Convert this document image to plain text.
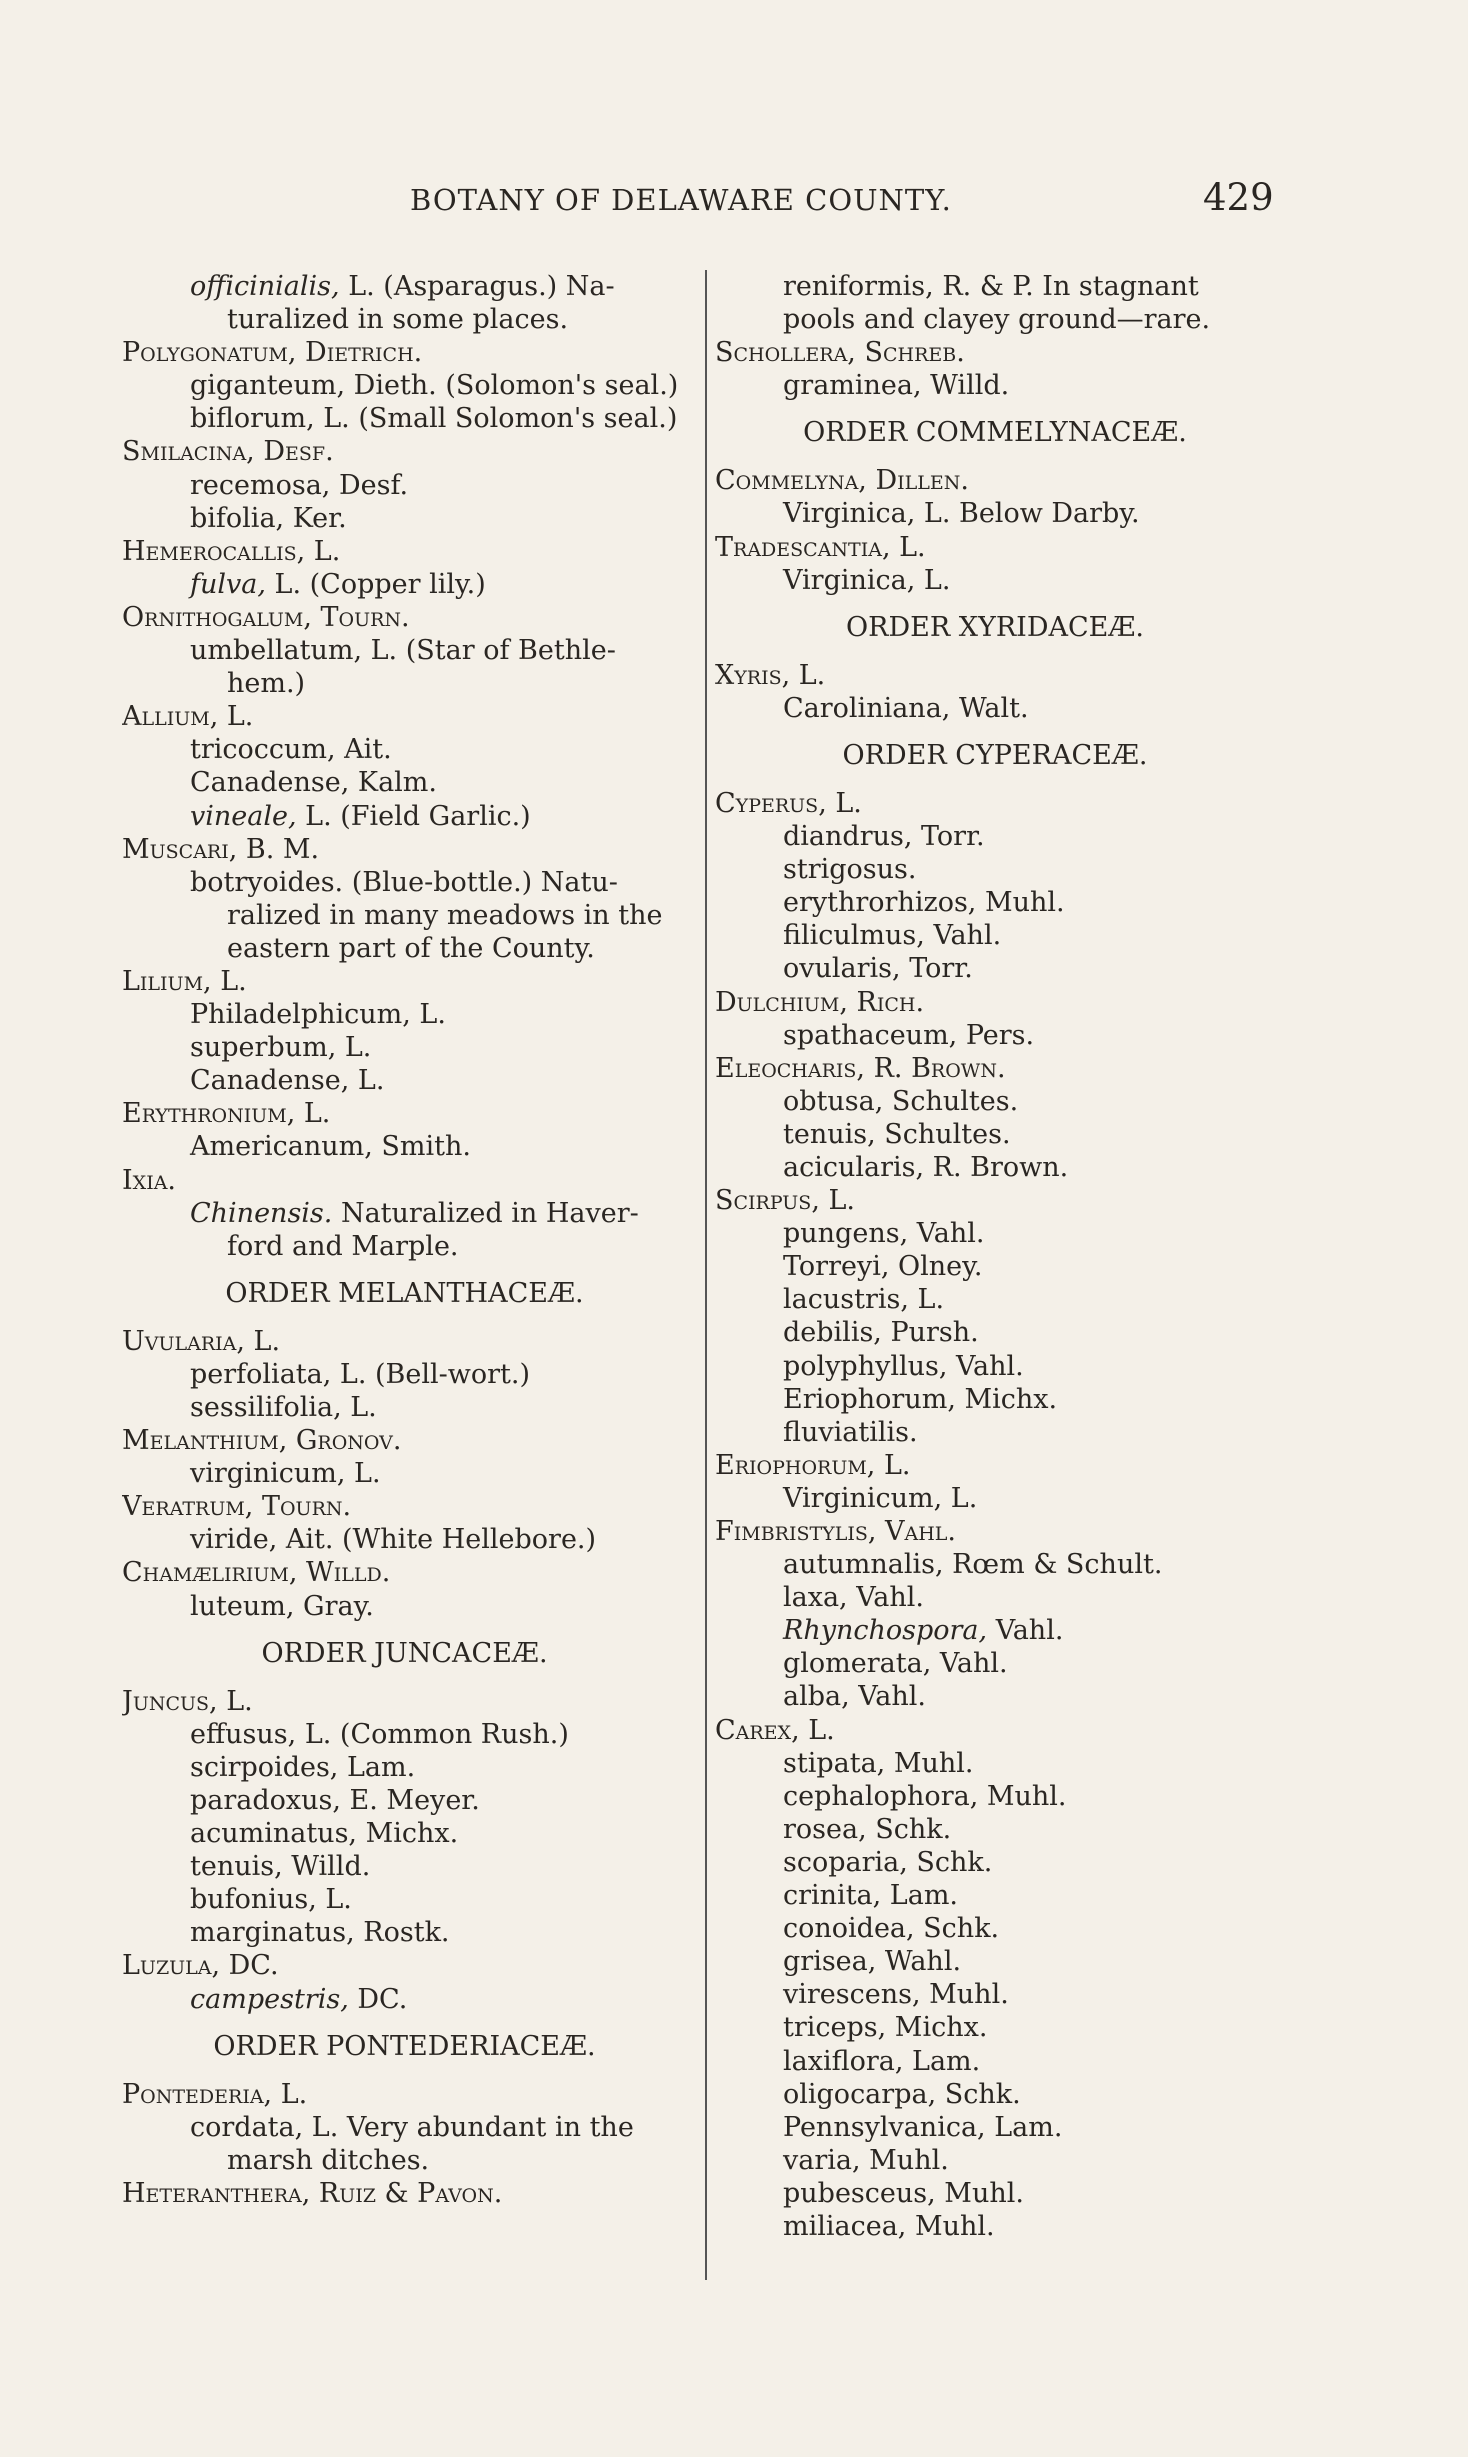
BOTANY OF DELAWARE COUNTY.	429
officinialis, L. (Asparagus.) Na-
turalized in some places.
Polygonatum, Dietrich.
giganteum, Dieth. (Solomon's seal.)
biflorum, L. (Small Solomon's seal.)
Smilacina, Desf.
recemosa, Desf.
bifolia, Ker.
Hemerocallis, L.
fulva, L. (Copper lily.)
Ornithogalum, Tourn.
umbellatum, L. (Star of Bethle-
hem.)
Allium, L.
tricoccum, Ait.
Canadense, Kalm.
vineale, L. (Field Garlic.)
Muscari, B. M.
botryoides. (Blue-bottle.) Natu-
ralized in many meadows in the
eastern part of the County.
Lilium, L.
Philadelphicum, L.
superbum, L.
Canadense, L.
Erythronium, L.
Americanum, Smith.
Ixia.
Chinensis. Naturalized in Haver-
ford and Marple.
ORDER MELANTHACEÆ.
Uvularia, L.
perfoliata, L. (Bell-wort.)
sessilifolia, L.
Melanthium, Gronov.
virginicum, L.
Veratrum, Tourn.
viride, Ait. (White Hellebore.)
Chamælirium, Willd.
luteum, Gray.
ORDER JUNCACEÆ.
Juncus, L.
effusus, L. (Common Rush.)
scirpoides, Lam.
paradoxus, E. Meyer.
acuminatus, Michx.
tenuis, Willd.
bufonius, L.
marginatus, Rostk.
Luzula, DC.
campestris, DC.
ORDER PONTEDERIACEÆ.
Pontederia, L.
cordata, L. Very abundant in the
marsh ditches.
Heteranthera, Ruiz & Pavon.
reniformis, R. & P. In stagnant
pools and clayey ground—rare.
Schollera, Schreb.
graminea, Willd.
ORDER COMMELYNACEÆ.
Commelyna, Dillen.
Virginica, L. Below Darby.
Tradescantia, L.
Virginica, L.
ORDER XYRIDACEÆ.
Xyris, L.
Caroliniana, Walt.
ORDER CYPERACEÆ.
Cyperus, L.
diandrus, Torr.
strigosus.
erythrorhizos, Muhl.
filiculmus, Vahl.
ovularis, Torr.
Dulchium, Rich.
spathaceum, Pers.
Eleocharis, R. Brown.
obtusa, Schultes.
tenuis, Schultes.
acicularis, R. Brown.
Scirpus, L.
pungens, Vahl.
Torreyi, Olney.
lacustris, L.
debilis, Pursh.
polyphyllus, Vahl.
Eriophorum, Michx.
fluviatilis.
Eriophorum, L.
Virginicum, L.
Fimbristylis, Vahl.
autumnalis, Rœm & Schult.
laxa, Vahl.
Rhynchospora, Vahl.
glomerata, Vahl.
alba, Vahl.
Carex, L.
stipata, Muhl.
cephalophora, Muhl.
rosea, Schk.
scoparia, Schk.
crinita, Lam.
conoidea, Schk.
grisea, Wahl.
virescens, Muhl.
triceps, Michx.
laxiflora, Lam.
oligocarpa, Schk.
Pennsylvanica, Lam.
varia, Muhl.
pubesceus, Muhl.
miliacea, Muhl.
